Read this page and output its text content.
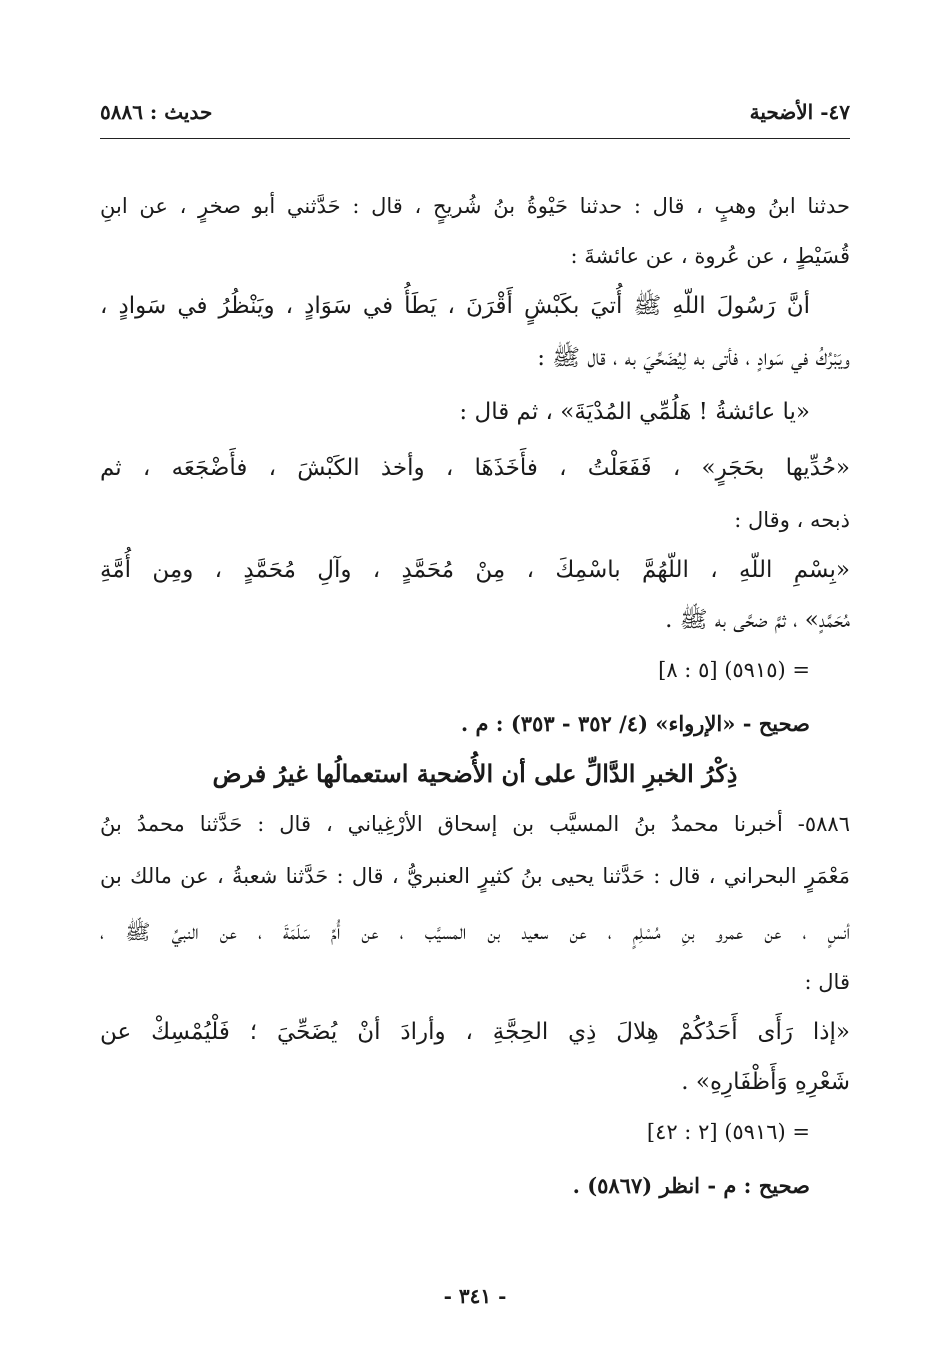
٤٧- الأضحية
حديث : ٥٨٨٦
حدثنا ابنُ وهبٍ ، قال : حدثنا حَيْوةُ بنُ شُريحٍ ، قال : حَدَّثني أبو صخرٍ ، عن ابنِ
قُسَيْطٍ ، عن عُروة ، عن عائشةَ :
أنَّ رَسُولَ اللّهِ ﷺ أُتيَ بكَبْشٍ أَقْرَنَ ، يَطَأُ في سَوَادٍ ، ويَنْظُرُ في سَوادٍ ،
ويَبْرُكُ في سَوادٍ ، فأتى به لِيُضَحِّيَ به ، قال ﷺ :
«يا عائشةُ ! هَلُمِّي المُدْيَةَ» ، ثم قال :
«حُدِّيها بحَجَرٍ» ، فَفَعَلْتُ ، فأَخَذَهَا ، وأخذ الكَبْشَ ، فأَضْجَعَه ، ثم
ذبحه ، وقال :
«بِسْمِ اللّهِ ، اللّهُمَّ باسْمِكَ ، مِنْ مُحَمَّدٍ ، وآلِ مُحَمَّدٍ ، ومِن أُمَّةِ
مُحَمَّدٍ» ، ثمَّ ضحَّى به ﷺ .
= (٥٩١٥) [٥ : ٨]
صحيح - «الإرواء» (٤/ ٣٥٢ - ٣٥٣) : م .
ذِكْرُ الخبرِ الدَّالِّ على أن الأُضحية استعمالُها غيرُ فرض
٥٨٨٦- أخبرنا محمدُ بنُ المسيَّب بن إسحاق الأرْغِياني ، قال : حَدَّثنا محمدُ بنُ
مَعْمَرٍ البحراني ، قال : حَدَّثنا يحيى بنُ كثيرٍ العنبريُّ ، قال : حَدَّثنا شعبةُ ، عن مالك بن
أنسٍ ، عن عمرو بنِ مُسْلِمٍ ، عن سعيد بن المسيَّب ، عن أُمِّ سَلَمَةَ ، عن النبيِّ ﷺ ،
قال :
«إذا رَأَى أَحَدُكُمْ هِلالَ ذِي الحِجَّةِ ، وأرادَ أنْ يُضَحِّيَ ؛ فَلْيُمْسِكْ عن
شَعْرِهِ وَأَظْفَارِهِ» .
= (٥٩١٦) [٢ : ٤٢]
صحيح : م - انظر (٥٨٦٧) .
- ٣٤١ -
